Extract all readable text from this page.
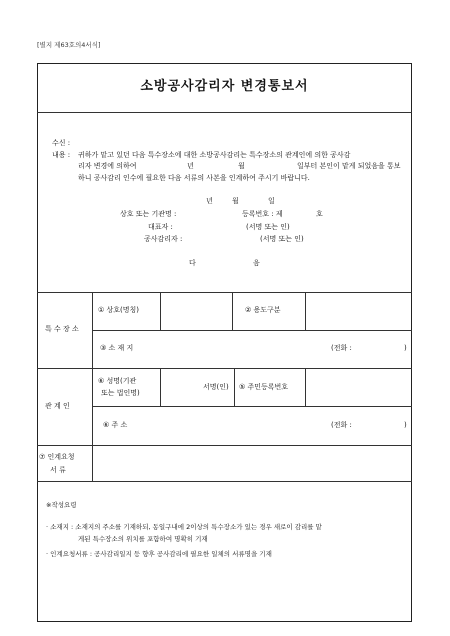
[별지 제63호의4서식]
소방공사감리자 변경통보서
수신 :
내용 : 귀하가 맡고 있던 다음 특수장소에 대한 소방공사감리는 특수장소의 관계인에 의한 공사감
리자 변경에 의하여	년	월	일부터 본인이 맡게 되었음을 통보
하니 공사감리 인수에 필요한 다음 서류의 사본을 인계하여 주시기 바랍니다.
년	월	일
상호 또는 기관명 :	등록번호 : 제	호
대표자 :	(서명 또는 인)
공사감리자 :	(서명 또는 인)
다	음
특 수 장 소
① 상호(명칭)	② 용도구분
③ 소 재 지	(전화 :	)
관 계 인
⑥ 성명(기관
또는 법인명)
서명(인) ⑤ 주민등록번호
⑥ 주 소	(전화 :	)
⑦ 인계요청
서 류
※작성요령
· 소재지 : 소재지의 주소를 기재하되, 동일구내에 2이상의 특수장소가 있는 경우 새로이 감리를 맡
게된 특수장소의 위치를 포함하여 명확히 기재
· 인계요청서류 : 공사감리일지 등 향후 공사감리에 필요한 일체의 서류명을 기재
